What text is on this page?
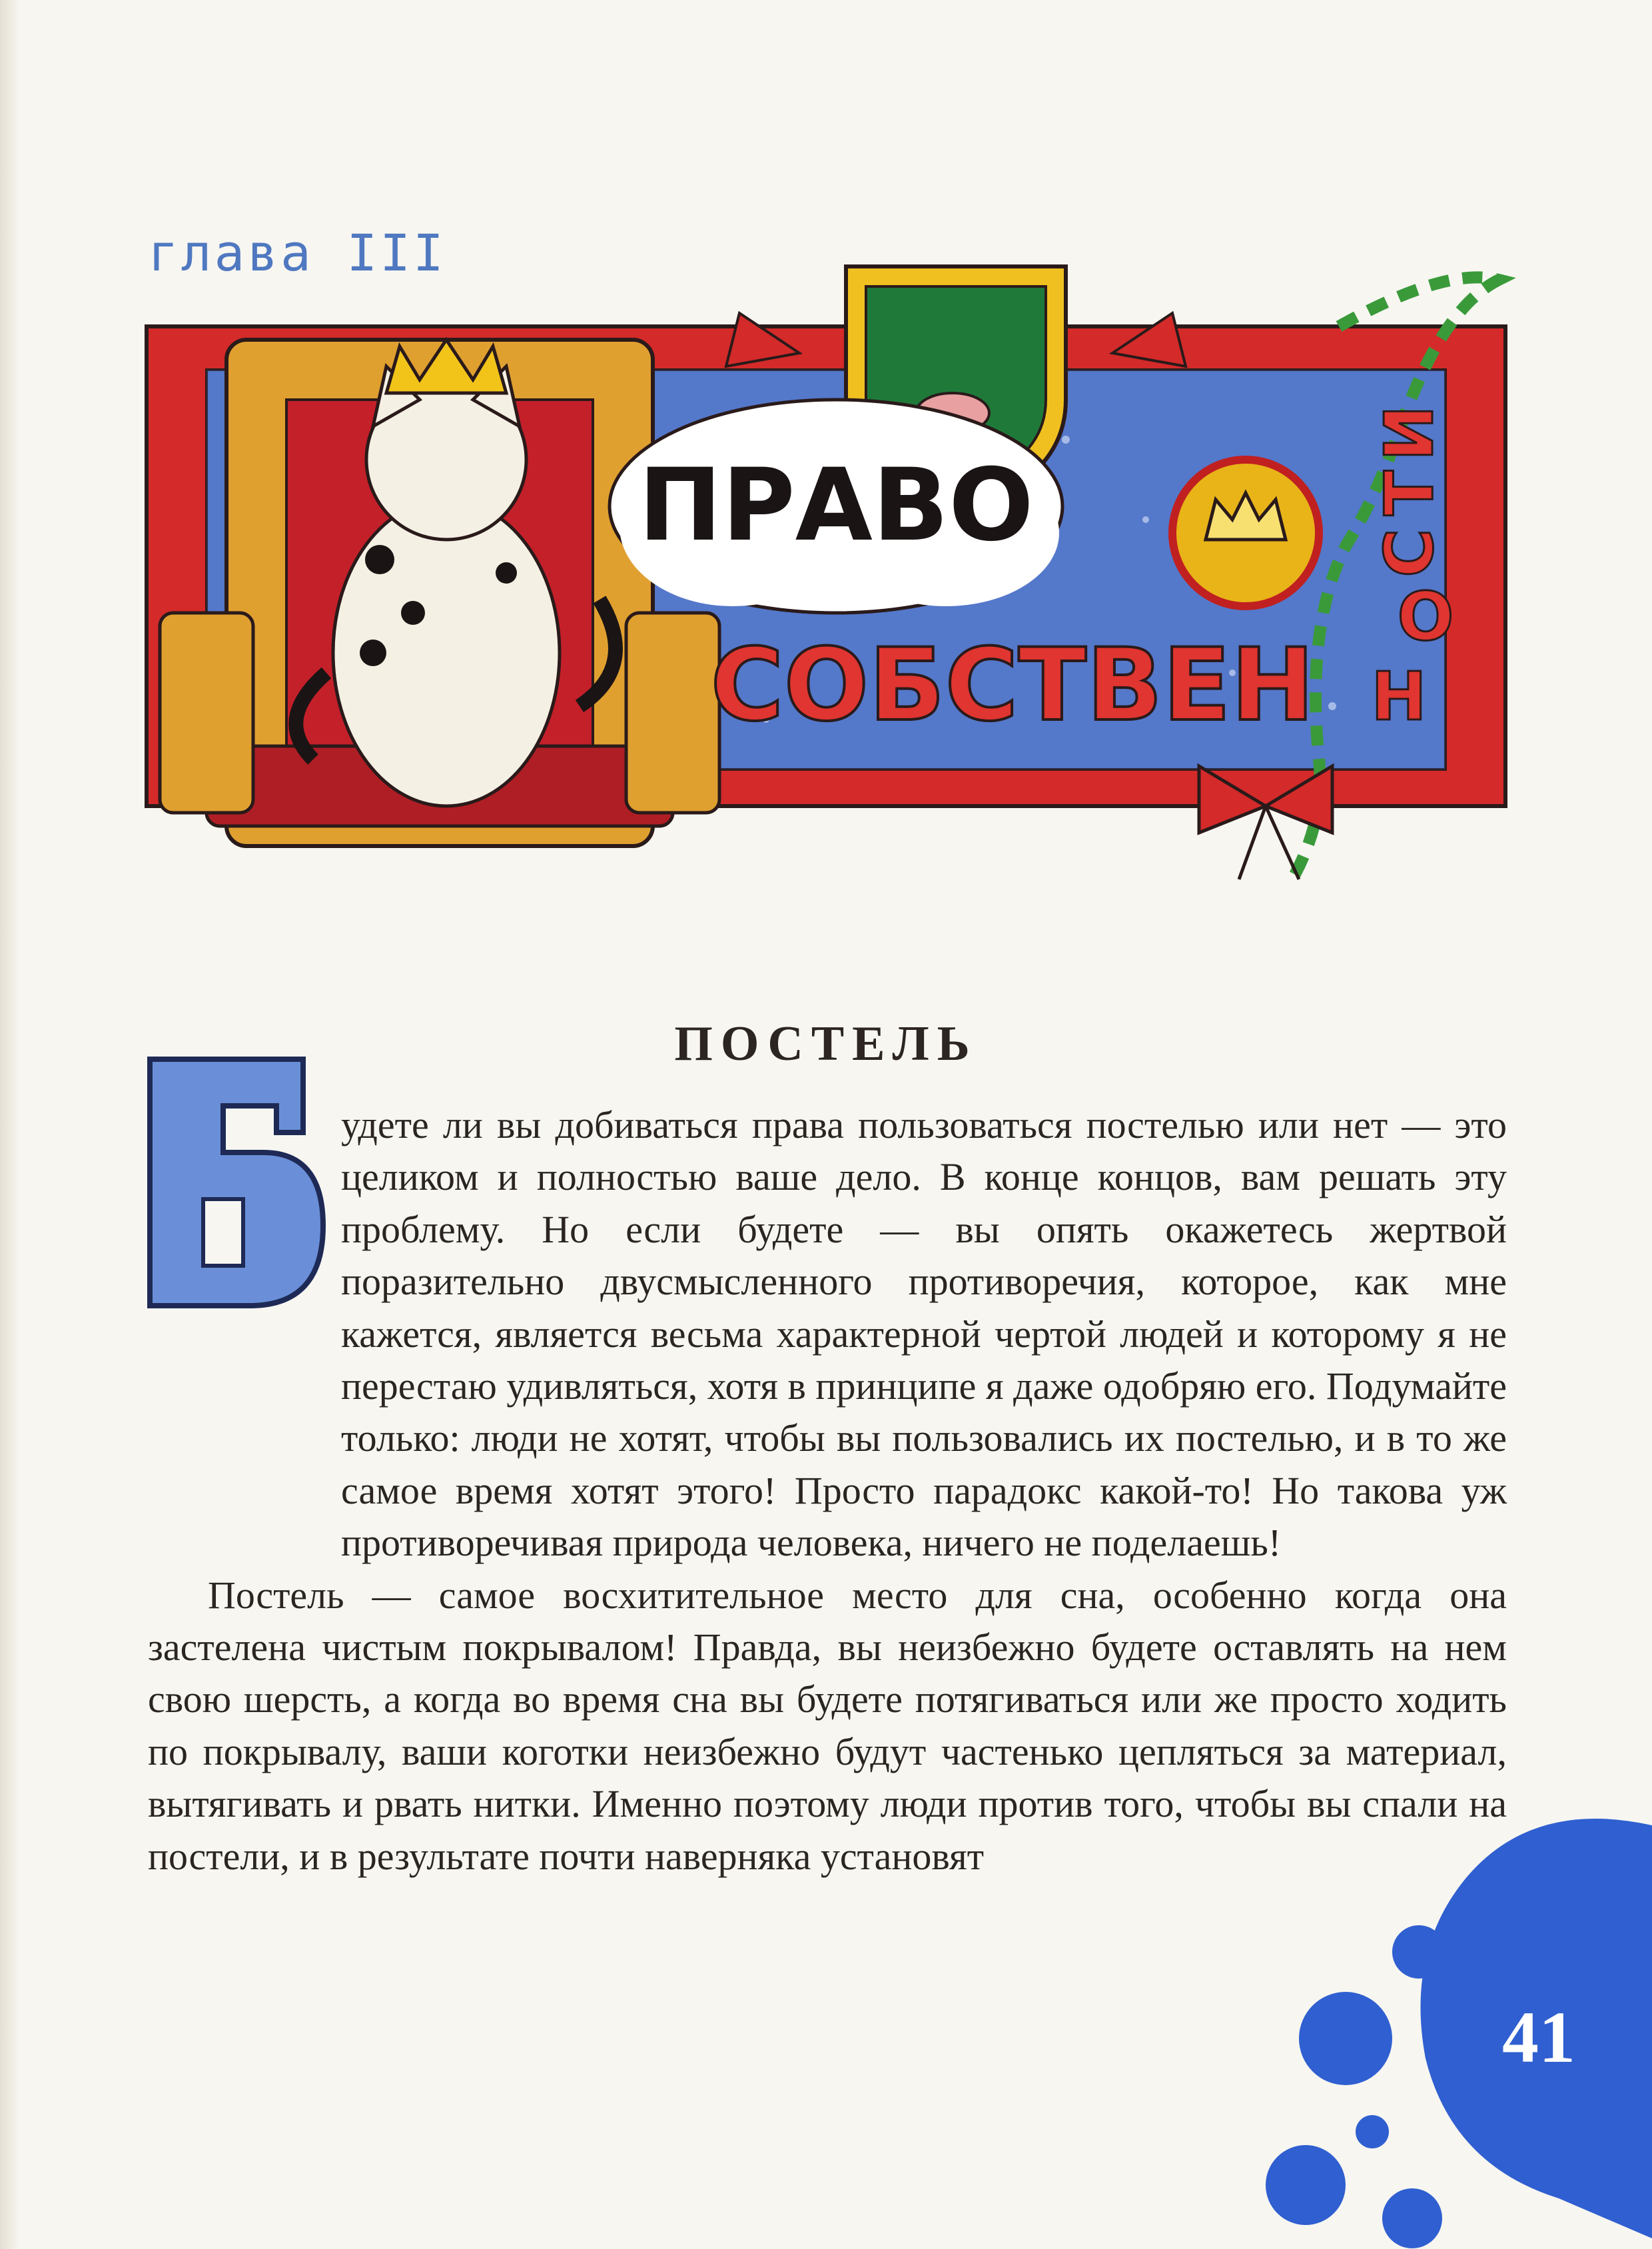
глава III
ПРАВО
СОБСТВЕН Н
О
С
Т
И
ПОСТЕЛЬ
Б

удете ли вы добиваться права пользоваться постелью или нет — это целиком и полностью ваше дело. В конце концов, вам решать эту проблему. Но если будете — вы опять окажетесь жертвой поразительно двусмысленного противоречия, которое, как мне кажется, является весьма характерной чертой людей и которому я не перестаю удивляться, хотя в принципе я даже одобряю его. Подумайте только: люди не хотят, чтобы вы пользовались их постелью, и в то же самое время хотят этого! Просто парадокс какой-то! Но такова уж противоречивая природа человека, ничего не поделаешь!

Постель — самое восхитительное место для сна, особенно когда она застелена чистым покрывалом! Правда, вы неизбежно будете оставлять на нем свою шерсть, а когда во время сна вы будете потягиваться или же просто ходить по покрывалу, ваши коготки неизбежно будут частенько цепляться за материал, вытягивать и рвать нитки. Именно поэтому люди против того, чтобы вы спали на постели, и в результате почти наверняка установят

41
